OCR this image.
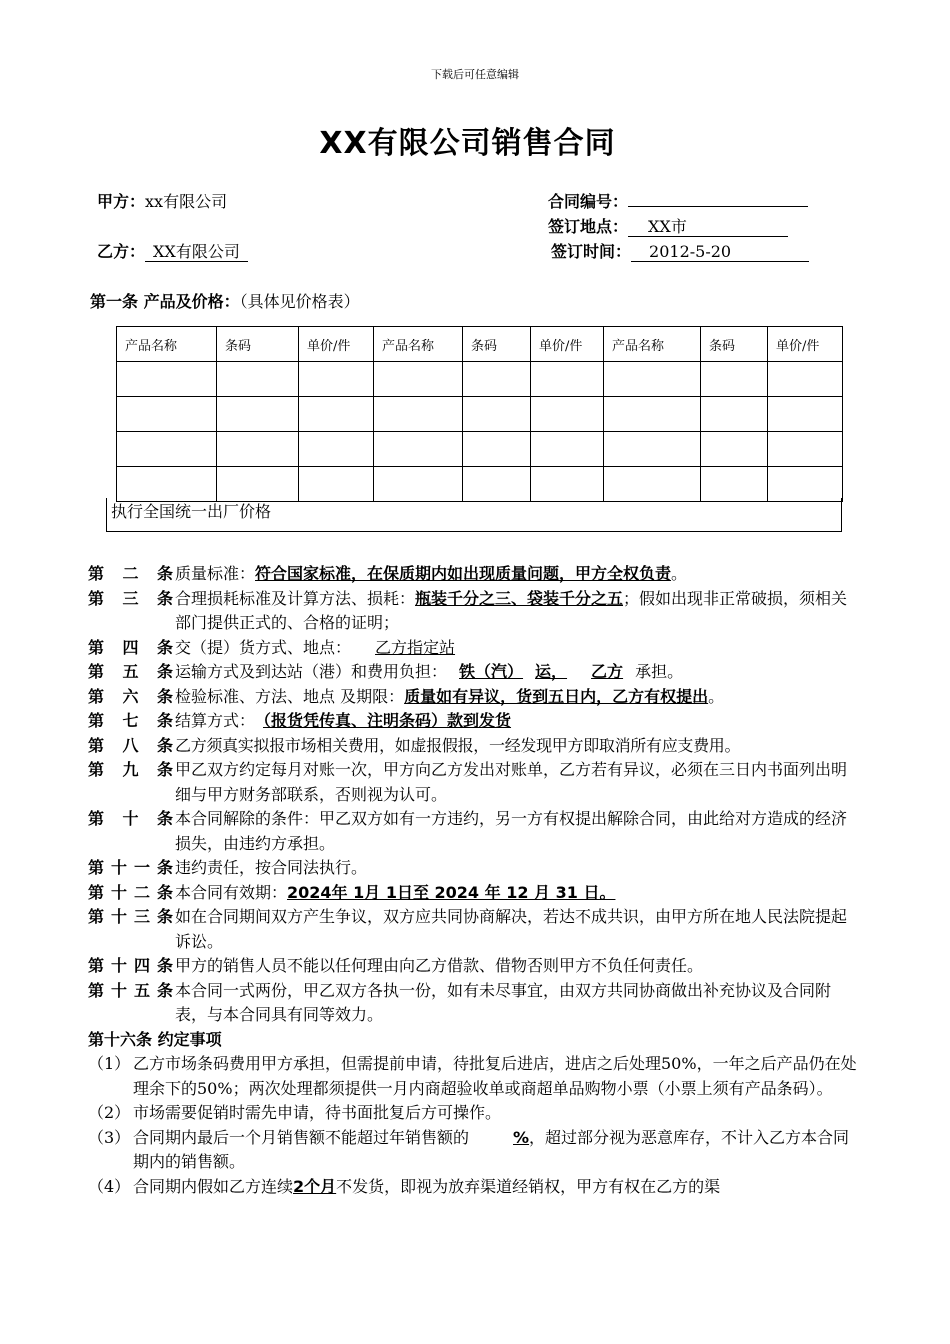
下载后可任意编辑
XX有限公司销售合同
甲方：xx有限公司	合同编号：
签订地点： XX市
乙方： XX有限公司	签订时间： 2012-5-20
第一条 产品及价格：（具体见价格表）
产品名称	条码	单价/件	产品名称	条码	单价/件	产品名称	条码	单价/件

执行全国统一出厂价格
第 二 条 质量标准：符合国家标准，在保质期内如出现质量问题，甲方全权负责。
第 三 条 合理损耗标准及计算方法、损耗：瓶装千分之三、袋装千分之五；假如出现非正常破损，须相关部门提供正式的、合格的证明；
第 四 条 交（提）货方式、地点： 乙方指定站
第 五 条 运输方式及到达站（港）和费用负担： 铁（汽） 运， 乙方 承担。
第 六 条 检验标准、方法、地点 及期限：质量如有异议，货到五日内，乙方有权提出。
第 七 条 结算方式： （报货凭传真、注明条码）款到发货
第 八 条 乙方须真实拟报市场相关费用，如虚报假报，一经发现甲方即取消所有应支费用。
第 九 条 甲乙双方约定每月对账一次，甲方向乙方发出对账单，乙方若有异议，必须在三日内书面列出明细与甲方财务部联系，否则视为认可。
第 十 条 本合同解除的条件：甲乙双方如有一方违约，另一方有权提出解除合同，由此给对方造成的经济损失，由违约方承担。
第十一条 违约责任，按合同法执行。
第十二条 本合同有效期：2024年 1月 1日至 2024 年 12 月 31 日。
第十三条 如在合同期间双方产生争议，双方应共同协商解决，若达不成共识，由甲方所在地人民法院提起诉讼。
第十四条 甲方的销售人员不能以任何理由向乙方借款、借物否则甲方不负任何责任。
第十五条 本合同一式两份，甲乙双方各执一份，如有未尽事宜，由双方共同协商做出补充协议及合同附表，与本合同具有同等效力。
第十六条 约定事项
（1） 乙方市场条码费用甲方承担，但需提前申请，待批复后进店，进店之后处理50%，一年之后产品仍在处理余下的50%；两次处理都须提供一月内商超验收单或商超单品购物小票（小票上须有产品条码）。
（2） 市场需要促销时需先申请，待书面批复后方可操作。
（3） 合同期内最后一个月销售额不能超过年销售额的	%，超过部分视为恶意库存，不计入乙方本合同期内的销售额。
（4） 合同期内假如乙方连续2个月不发货，即视为放弃渠道经销权，甲方有权在乙方的渠
